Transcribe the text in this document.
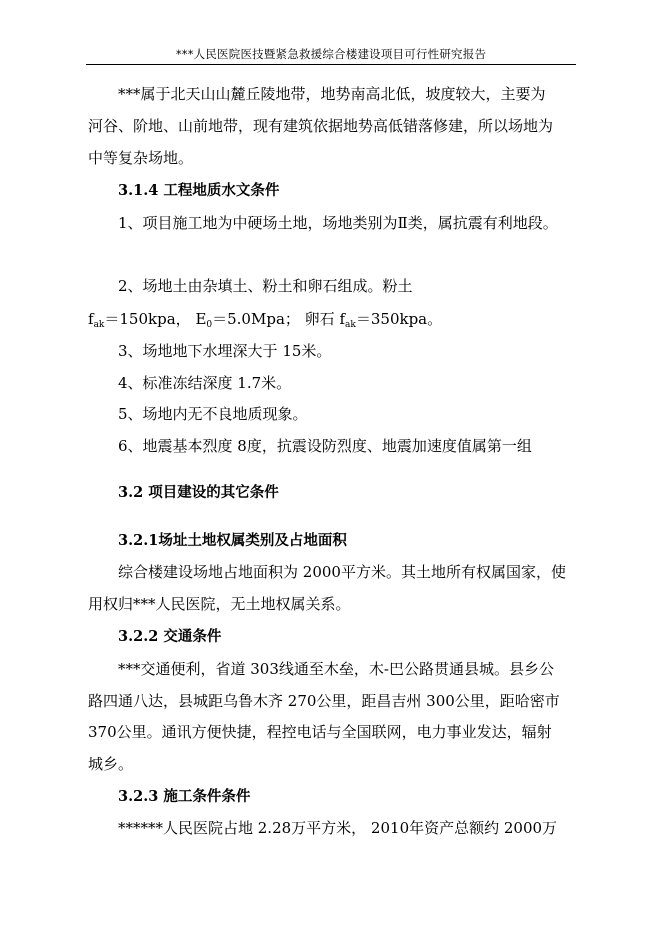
***人民医院医技暨紧急救援综合楼建设项目可行性研究报告
***属于北天山山麓丘陵地带，地势南高北低，坡度较大，主要为
河谷、阶地、山前地带，现有建筑依据地势高低错落修建，所以场地为
中等复杂场地。
3.1.4 工程地质水文条件
1、项目施工地为中硬场土地，场地类别为Ⅱ类，属抗震有利地段。
2、场地土由杂填土、粉土和卵石组成。粉土
$f_{ak}=150kpa$， $E_0=5.0Mpa$； 卵石 $f_{ak}=350kpa$。
3、场地地下水埋深大于 15米。
4、标准冻结深度 1.7米。
5、场地内无不良地质现象。
6、地震基本烈度 8度，抗震设防烈度、地震加速度值属第一组
3.2 项目建设的其它条件
3.2.1场址土地权属类别及占地面积
综合楼建设场地占地面积为 2000平方米。其土地所有权属国家，使
用权归***人民医院，无土地权属关系。
3.2.2 交通条件
***交通便利，省道 303线通至木垒，木-巴公路贯通县城。县乡公
路四通八达，县城距乌鲁木齐 270公里，距昌吉州 300公里，距哈密市
370公里。通讯方便快捷，程控电话与全国联网，电力事业发达，辐射
城乡。
3.2.3 施工条件条件
******人民医院占地 2.28万平方米， 2010年资产总额约 2000万
